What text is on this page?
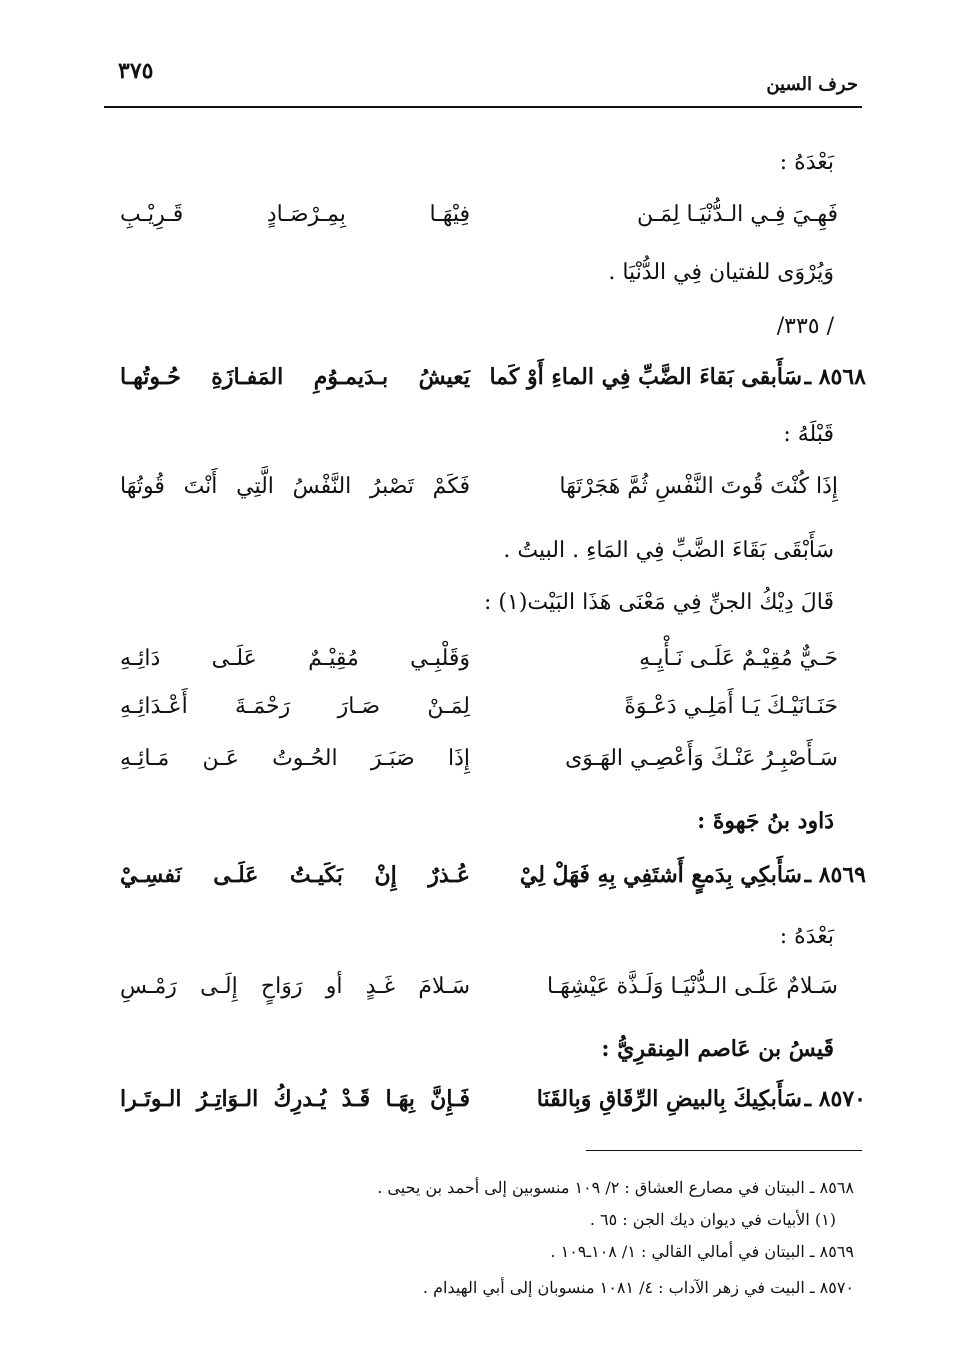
٣٧٥
حرف السين
بَعْدَهُ :
فَهِـيَ فِـي الـدُّنْيَـا لِمَـن
فِيْهَـا بِمِـرْصَـادٍ قَـرِيْـبِ
وَيُرْوَى للفتيان فِي الدُّنْيَا .
/ ٣٣٥/
٨٥٦٨ ـ
سَأَبقى بَقاءَ الضَّبِّ فِي الماءِ أَوْ كَما
يَعيشُ بـدَيمـوُمِ المَفـازَةِ حُـوتُهـا
قَبْلَهُ :
إِذَا كُنْتَ قُوتَ النَّفْسِ ثُمَّ هَجَرْتَهَا
فَكَمْ تَصْبرُ النَّفْسُ الَّتِي أَنْتَ قُوتُهَا
سَأَبْقَى بَقَاءَ الضَّبِّ فِي المَاءِ . البيتُ .
قَالَ دِيْكُ الجنِّ فِي مَعْنَى هَذَا البَيْت(١) :
حَـيٌّ مُقِيْـمٌ عَلَـى نَـأْيِـهِ
وَقَلْبِـي مُقِيْـمٌ عَلَـى دَائِـهِ
حَنَـانَيْـكَ يَـا أَمَلِـي دَعْـوَةً
لِمَـنْ صَـارَ رَحْمَـةَ أَعْـدَائِـهِ
سَـأَصْبِـرُ عَنْـكَ وَأَعْصِـي الهَـوَى
إِذَا صَبَـرَ الحُـوتُ عَـن مَـائِـهِ
دَاود بنُ جَهوةَ :
٨٥٦٩ ـ
سَأَبكِي بِدَمعٍ أَشتَفِي بِهِ فَهَلْ لِيْ
عُـذرٌ إِنْ بَكَيـتُ عَلَـى نَفسِـيْ
بَعْدَهُ :
سَـلامٌ عَلَـى الـدُّنْيَـا وَلَـذَّة عَيْشِهَـا
سَـلامَ غَـدٍ أو رَوَاحٍ إِلَـى رَمْـسِ
قَيسُ بن عَاصم المِنقرِيُّ :
٨٥٧٠ ـ
سَأَبكِيكَ بِالبيضِ الرِّقَاقِ وَبِالقَنَا
فَـإِنَّ بِهَـا قَـدْ يُـدرِكُ الـوَاتِـرُ الـوتَـرا
٨٥٦٨ ـ البيتان في مصارع العشاق : ٢/ ١٠٩ منسوبين إلى أحمد بن يحيى .
(١) الأبيات في ديوان ديك الجن : ٦٥ .
٨٥٦٩ ـ البيتان في أمالي القالي : ١/ ١٠٨ـ١٠٩ .
٨٥٧٠ ـ البيت في زهر الآداب : ٤/ ١٠٨١ منسوبان إلى أبي الهيدام .
